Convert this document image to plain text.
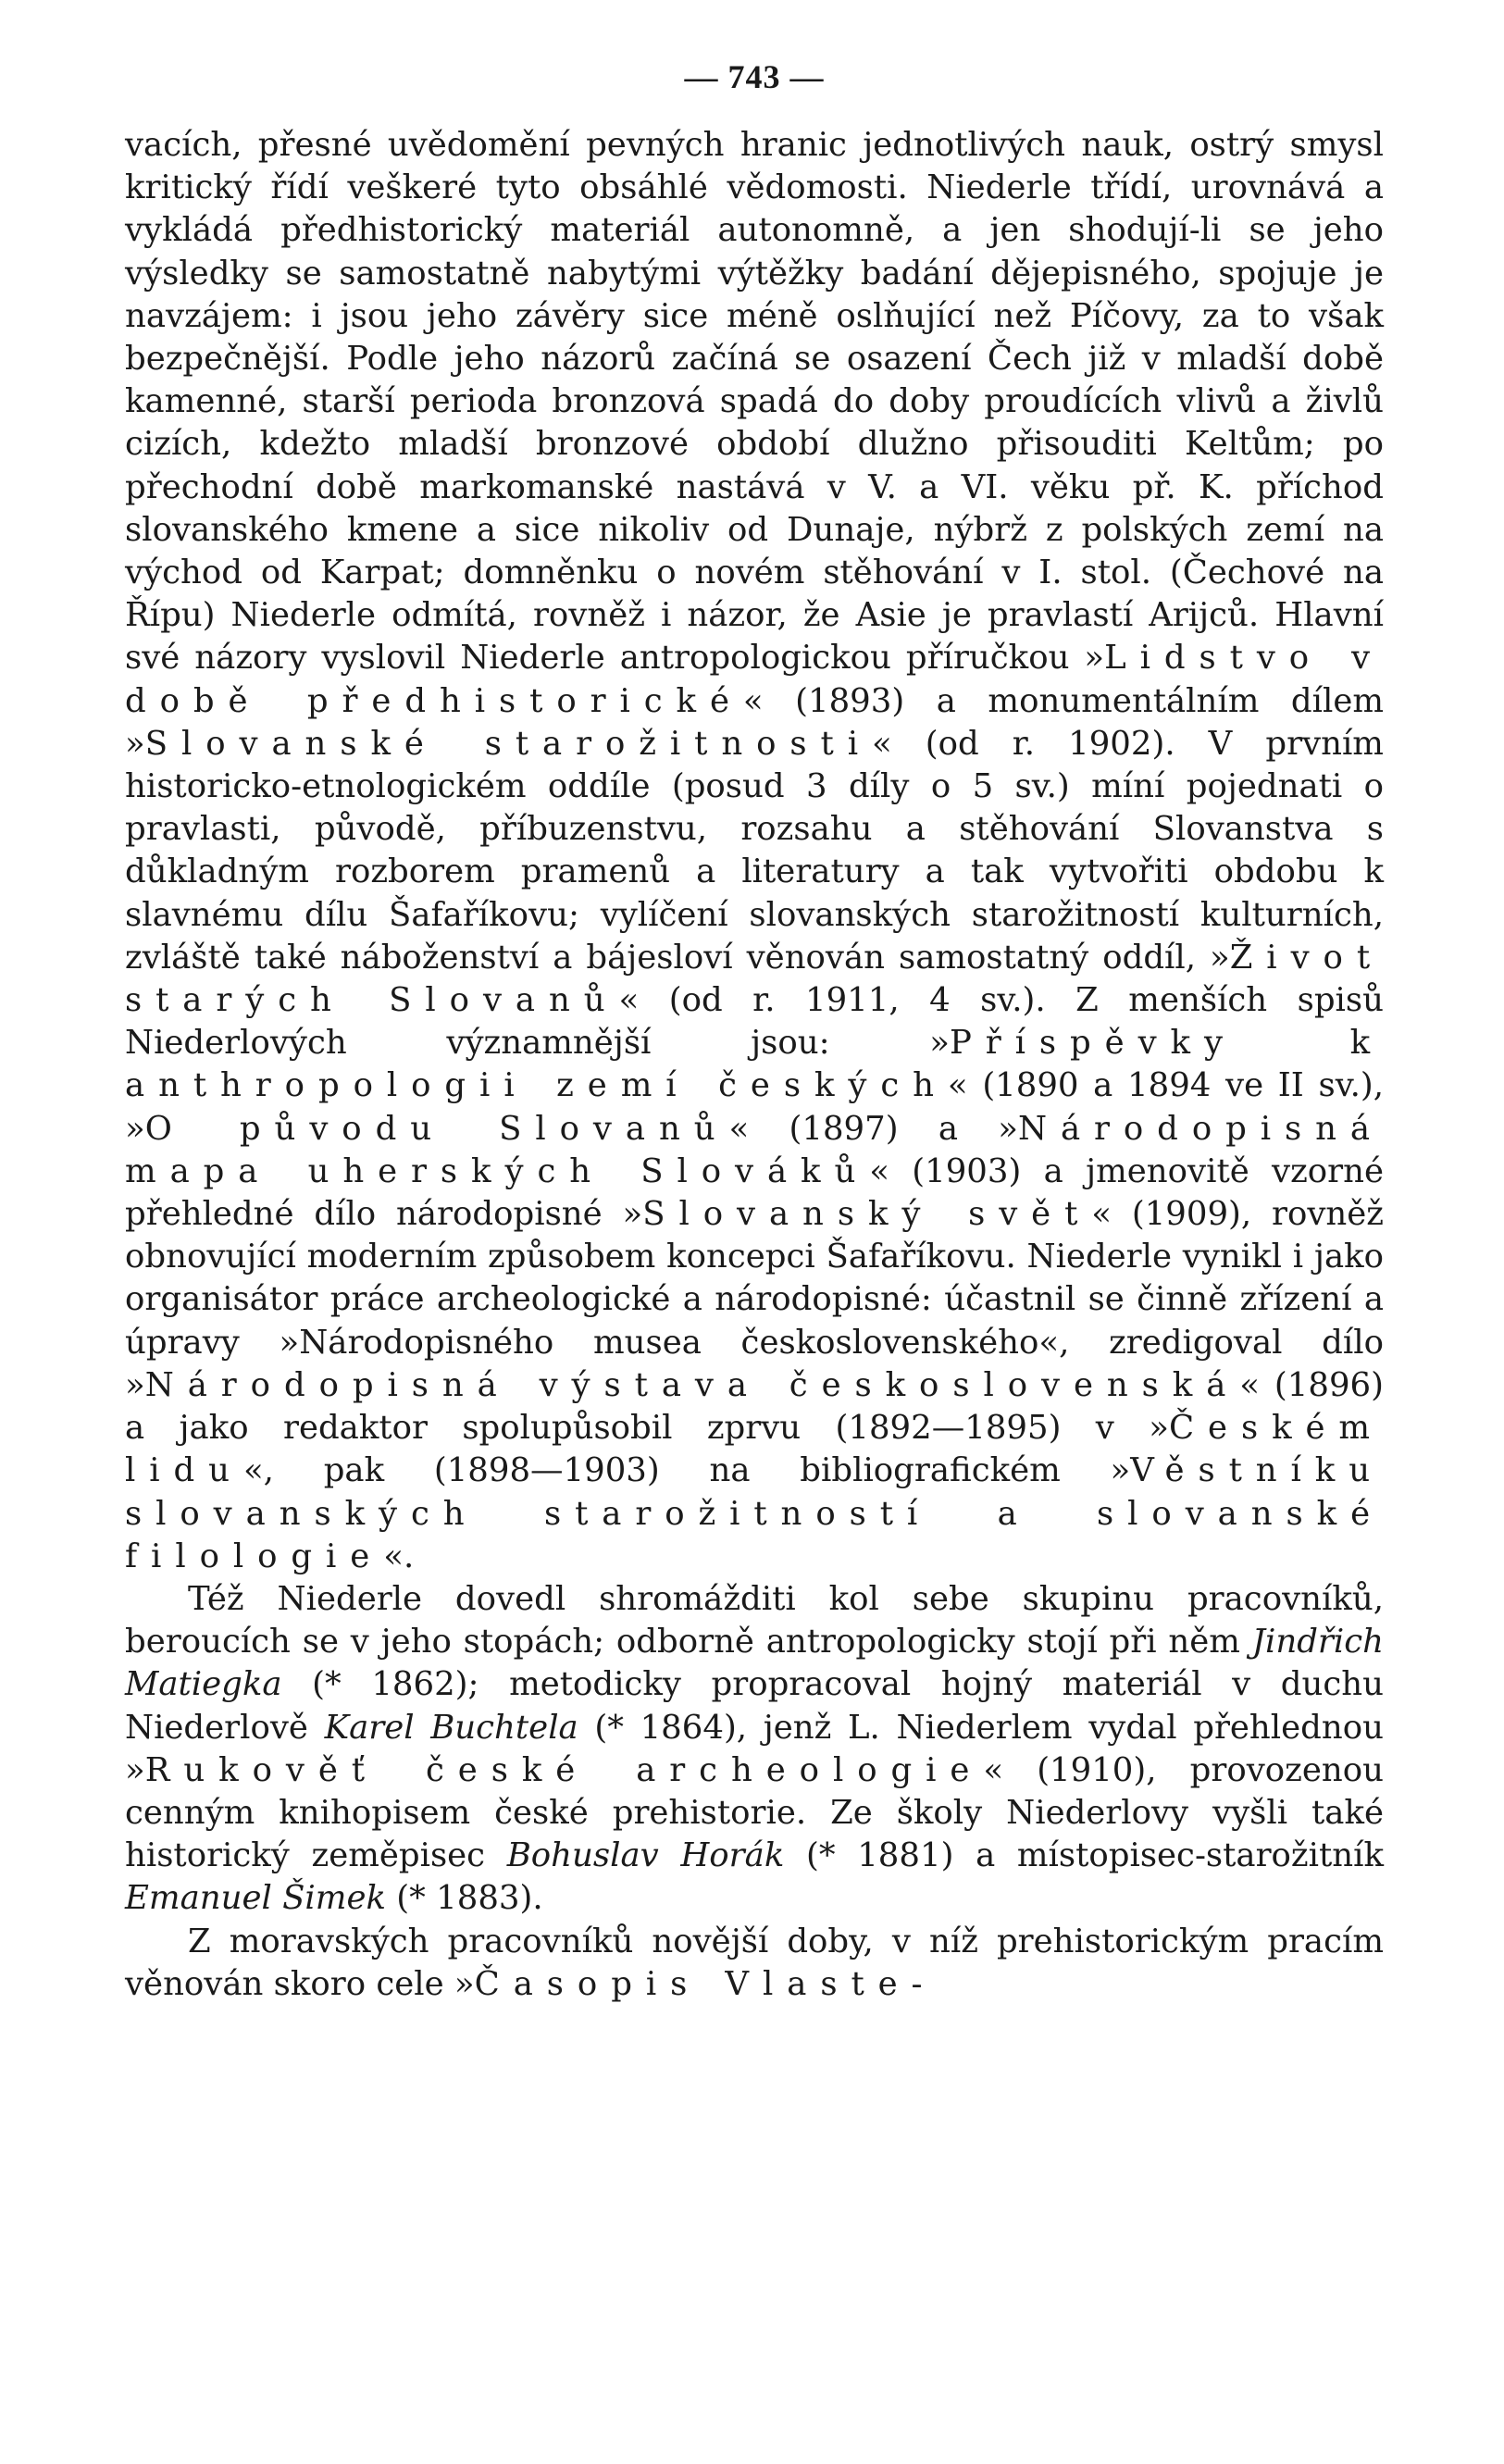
— 743 —

vacích, přesné uvědomění pevných hranic jednotlivých nauk, ostrý smysl kritický řídí veškeré tyto obsáhlé vědomosti. Niederle třídí, urovnává a vykládá předhistorický materiál autonomně, a jen shodují-li se jeho výsledky se samostatně nabytými výtěžky badání dějepisného, spojuje je navzájem: i jsou jeho závěry sice méně oslňující než Píčovy, za to však bezpečnější. Podle jeho názorů začíná se osazení Čech již v mladší době kamenné, starší perioda bronzová spadá do doby proudících vlivů a živlů cizích, kdežto mladší bronzové období dlužno přisouditi Keltům; po přechodní době markomanské nastává v V. a VI. věku př. K. příchod slovanského kmene a sice nikoliv od Dunaje, nýbrž z polských zemí na východ od Karpat; domněnku o novém stěhování v I. stol. (Čechové na Řípu) Niederle odmítá, rovněž i názor, že Asie je pravlastí Arijců. Hlavní své názory vyslovil Niederle antropologickou příručkou »Lidstvo v době předhistorické« (1893) a monumentálním dílem »Slovanské starožitnosti« (od r. 1902). V prvním historicko-etnologickém oddíle (posud 3 díly o 5 sv.) míní pojednati o pravlasti, původě, příbuzenstvu, rozsahu a stěhování Slovanstva s důkladným rozborem pramenů a literatury a tak vytvořiti obdobu k slavnému dílu Šafaříkovu; vylíčení slovanských starožitností kulturních, zvláště také náboženství a bájesloví věnován samostatný oddíl, »Život starých Slovanů« (od r. 1911, 4 sv.). Z menších spisů Niederlových významnější jsou: »Příspěvky k anthropologii zemí českých« (1890 a 1894 ve II sv.), »O původu Slovanů« (1897) a »Národopisná mapa uherských Slováků« (1903) a jmenovitě vzorné přehledné dílo národopisné »Slovanský svět« (1909), rovněž obnovující moderním způsobem koncepci Šafaříkovu. Niederle vynikl i jako organisátor práce archeologické a národopisné: účastnil se činně zřízení a úpravy »Národopisného musea československého«, zredigoval dílo »Národopisná výstava československá« (1896) a jako redaktor spolupůsobil zprvu (1892—1895) v »Českém lidu«, pak (1898—1903) na bibliografickém »Věstníku slovanských starožitností a slovanské filologie«.

Též Niederle dovedl shromážditi kol sebe skupinu pracovníků, beroucích se v jeho stopách; odborně antropologicky stojí při něm Jindřich Matiegka (* 1862); metodicky propracoval hojný materiál v duchu Niederlově Karel Buchtela (* 1864), jenž L. Niederlem vydal přehlednou »Rukověť české archeologie« (1910), provozenou cenným knihopisem české prehistorie. Ze školy Niederlovy vyšli také historický zeměpisec Bohuslav Horák (* 1881) a místopisec-starožitník Emanuel Šimek (* 1883).

Z moravských pracovníků novější doby, v níž prehistorickým pracím věnován skoro cele »Časopis Vlaste-
